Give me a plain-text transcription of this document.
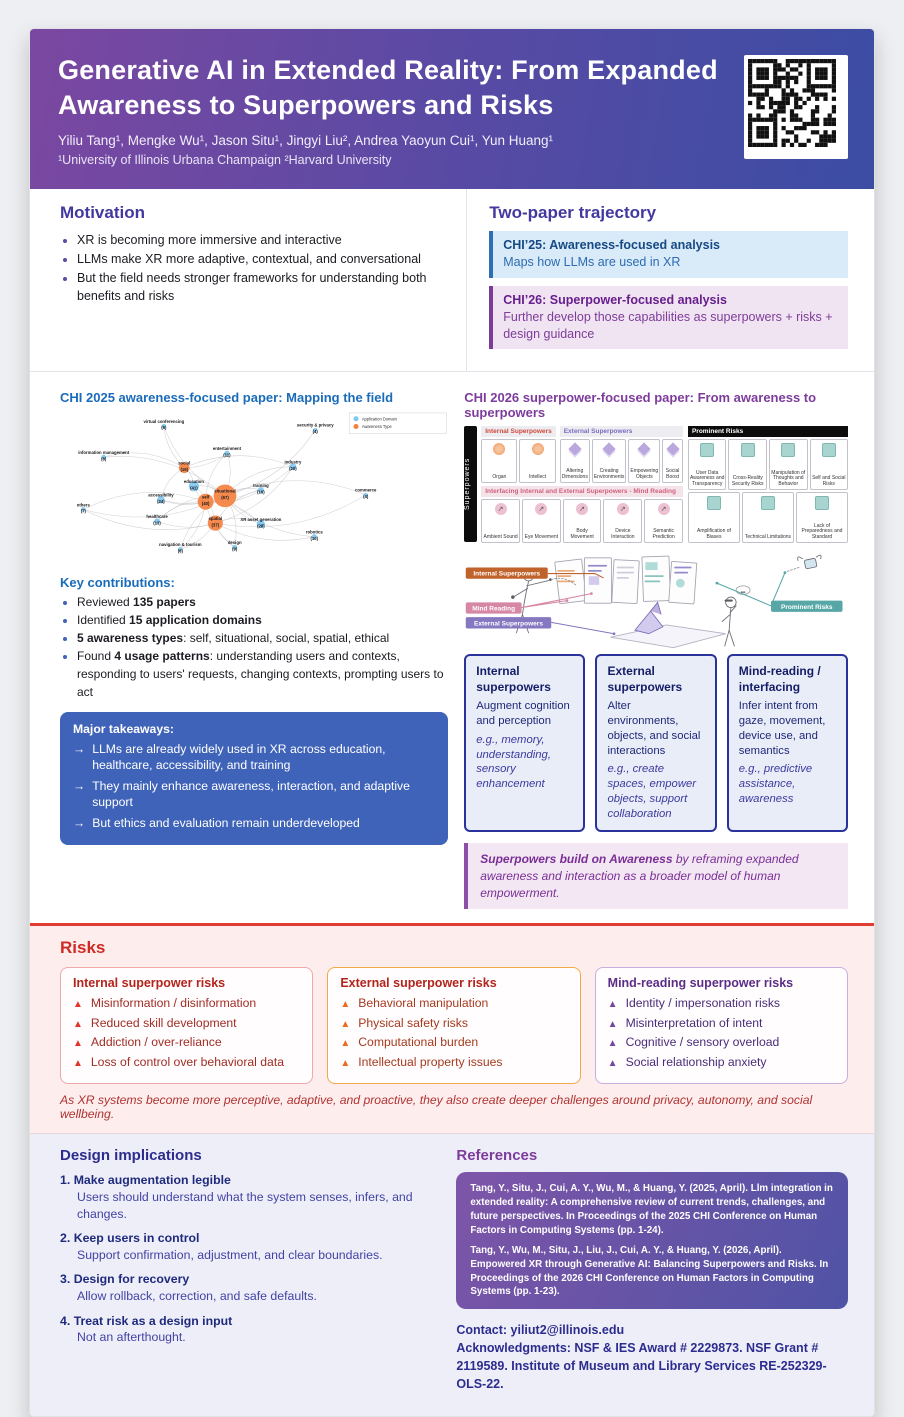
Generative AI in Extended Reality: From Expanded Awareness to Superpowers and Risks
Yiliu Tang¹, Mengke Wu¹, Jason Situ¹, Jingyi Liu², Andrea Yaoyun Cui¹, Yun Huang¹
¹University of Illinois Urbana Champaign ²Harvard University
Motivation
• XR is becoming more immersive and interactive
• LLMs make XR more adaptive, contextual, and conversational
• But the field needs stronger frameworks for understanding both benefits and risks
Two-paper trajectory
CHI’25: Awareness-focused analysis
Maps how LLMs are used in XR
CHI’26: Superpower-focused analysis
Further develop those capabilities as superpowers + risks + design guidance
CHI 2025 awareness-focused paper: Mapping the field
virtual conferencing
(5)
security & privacy
(4)
information management
(8)
entertainment
(11)
social
(19)
industry
(20)
education
(41)
training
(16)
situational
(67)
self
(40)
accessibility
(24)
commerce
(4)
others
(7)
healthcare
(13)
spatial
(37)
XR asset generation
(28)
robotics
(10)
navigation & tourism
(6)
design
(9)
Application Domain
Awareness Type
Key contributions:
• Reviewed 135 papers
• Identified 15 application domains
• 5 awareness types: self, situational, social, spatial, ethical
• Found 4 usage patterns: understanding users and contexts, responding to users' requests, changing contexts, prompting users to act
Major takeaways:
→ LLMs are already widely used in XR across education, healthcare, accessibility, and training
→ They mainly enhance awareness, interaction, and adaptive support
→ But ethics and evaluation remain underdeveloped
CHI 2026 superpower-focused paper: From awareness to superpowers
Superpowers
Internal Superpowers
Organ	Intellect
External Superpowers
Altering Dimensions
Creating Environments
Empowering Objects
Social Boost
Interfacing Internal and External Superpowers - Mind Reading
↗
Ambient Sound
↗
Eye Movement
↗
Body Movement
↗
Device Interaction
↗
Semantic Prediction
Prominent Risks
User Data Awareness and Transparency
Cross-Reality Security Risks
Manipulation of Thoughts and Behavior
Self and Social Risks
Amplification of Biases	Technical Limitations
Lack of Preparedness and Standard
...
Internal Superpowers
Mind Reading
External Superpowers
Prominent Risks
Internal superpowers
Augment cognition and perception
e.g., memory, understanding, sensory enhancement
External superpowers
Alter environments, objects, and social interactions
e.g., create spaces, empower objects, support collaboration
Mind-reading / interfacing
Infer intent from gaze, movement, device use, and semantics
e.g., predictive assistance, awareness
Superpowers build on Awareness by reframing expanded awareness and interaction as a broader model of human empowerment.
Risks
Internal superpower risks
▲ Misinformation / disinformation
▲ Reduced skill development
▲ Addiction / over-reliance
▲ Loss of control over behavioral data
External superpower risks
▲ Behavioral manipulation
▲ Physical safety risks
▲ Computational burden
▲ Intellectual property issues
Mind-reading superpower risks
▲ Identity / impersonation risks
▲ Misinterpretation of intent
▲ Cognitive / sensory overload
▲ Social relationship anxiety
As XR systems become more perceptive, adaptive, and proactive, they also create deeper challenges around privacy, autonomy, and social wellbeing.
Design implications
1. Make augmentation legible
Users should understand what the system senses, infers, and changes.
2. Keep users in control
Support confirmation, adjustment, and clear boundaries.
3. Design for recovery
Allow rollback, correction, and safe defaults.
4. Treat risk as a design input
Not an afterthought.
References
Tang, Y., Situ, J., Cui, A. Y., Wu, M., & Huang, Y. (2025, April). Llm integration in extended reality: A comprehensive review of current trends, challenges, and future perspectives. In Proceedings of the 2025 CHI Conference on Human Factors in Computing Systems (pp. 1-24).
Tang, Y., Wu, M., Situ, J., Liu, J., Cui, A. Y., & Huang, Y. (2026, April). Empowered XR through Generative AI: Balancing Superpowers and Risks. In Proceedings of the 2026 CHI Conference on Human Factors in Computing Systems (pp. 1-23).
Contact: yiliut2@illinois.edu
Acknowledgments: NSF & IES Award # 2229873. NSF Grant # 2119589. Institute of Museum and Library Services RE-252329-OLS-22.
